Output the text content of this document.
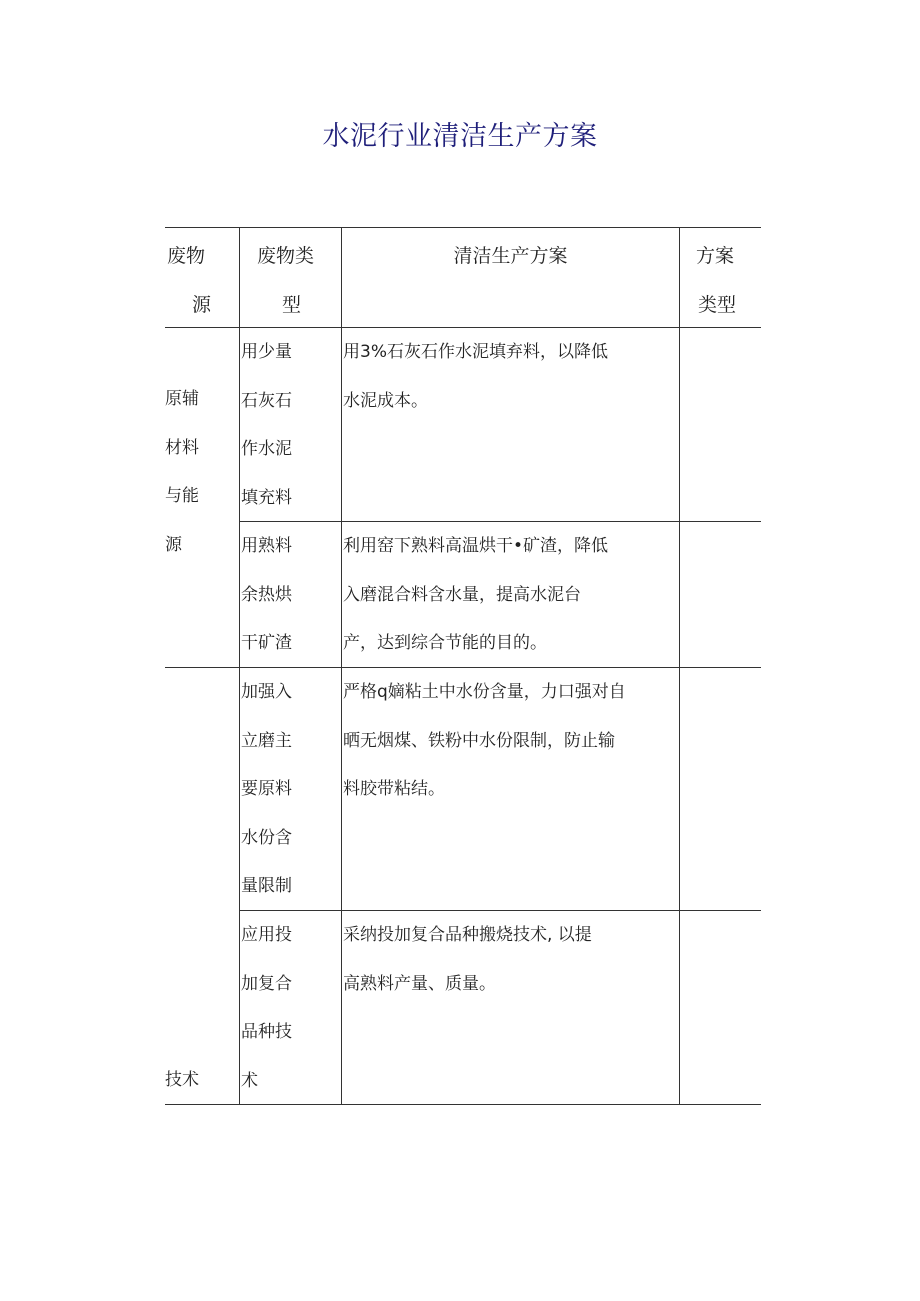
水泥行业清洁生产方案
废物
源
废物类
型
清洁生产方案	方案
类型
原辅
材料
与能
源
用少量
石灰石
作水泥
填充料
用3%石灰石作水泥填弃料，以降低
水泥成本。
用熟料
余热烘
干矿渣
利用窑下熟料高温烘干•矿渣，降低
入磨混合料含水量，提高水泥台
产，达到综合节能的目的。
技术
加强入
立磨主
要原料
水份含
量限制
严格q嫡粘土中水份含量，力口强对自
晒无烟煤、铁粉中水份限制，防止输
料胶带粘结。
应用投
加复合
品种技
术
采纳投加复合品种搬烧技术, 以提
高熟料产量、质量。
